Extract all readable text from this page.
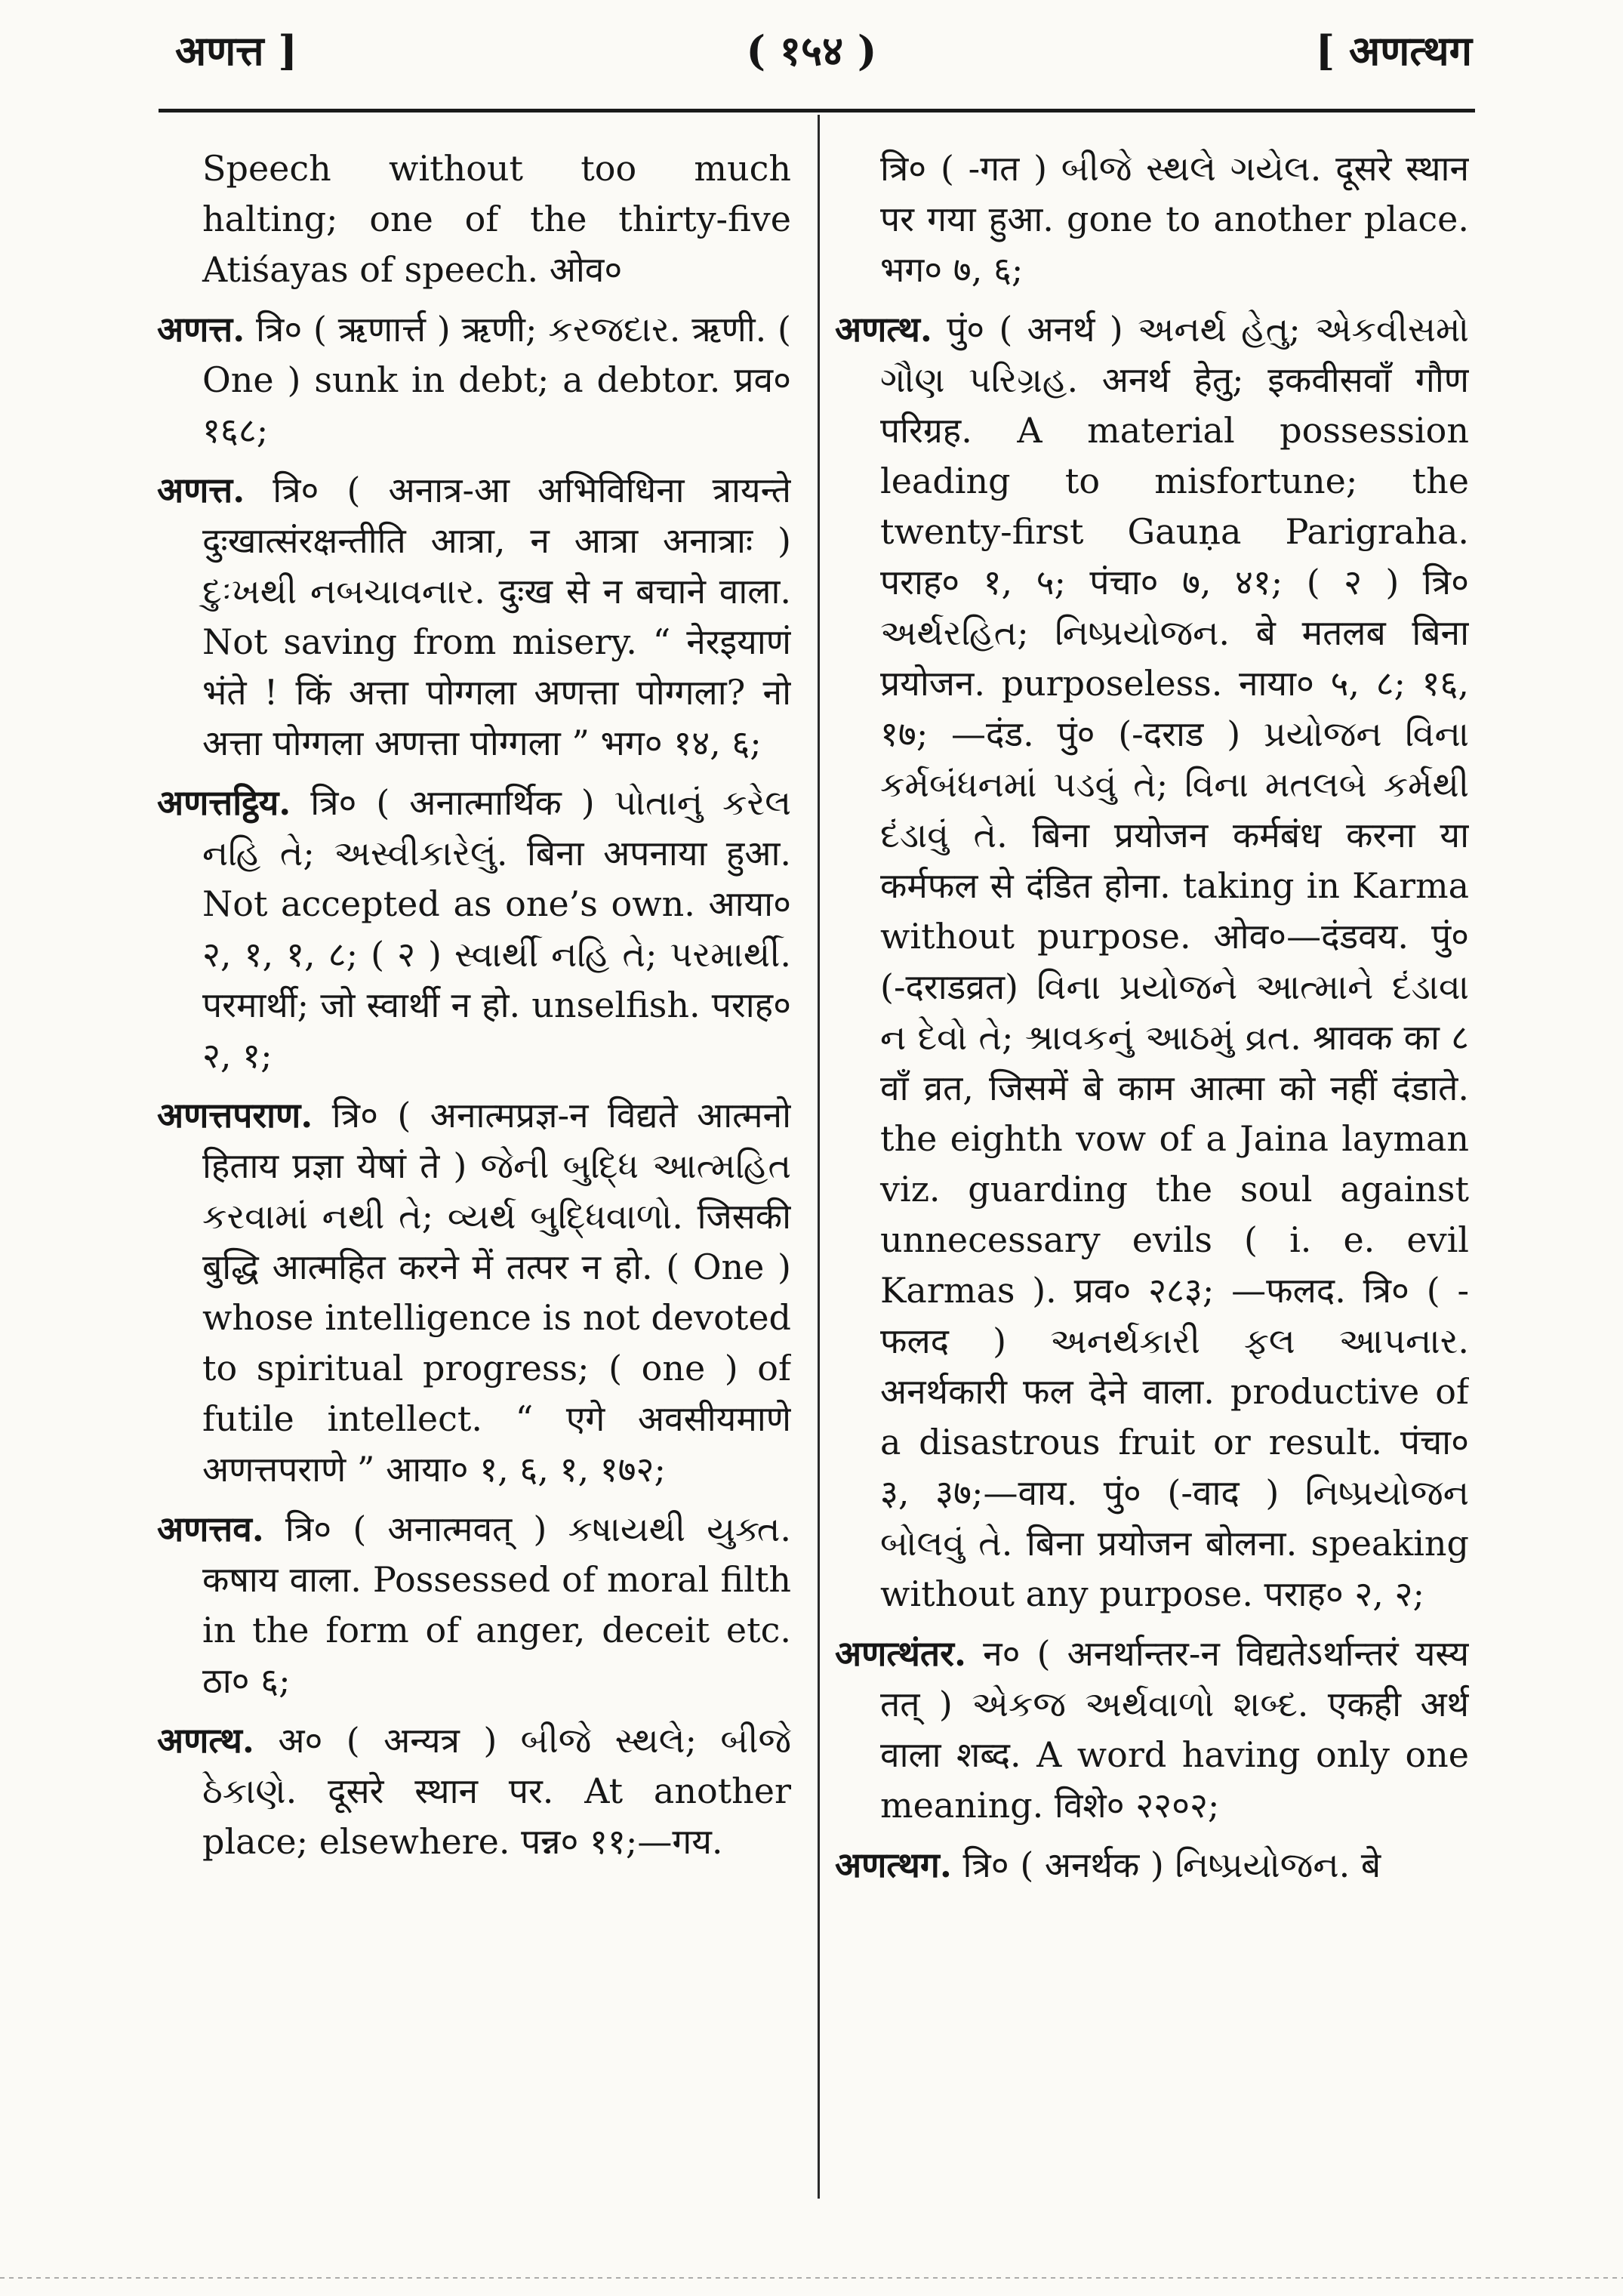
अणत्त ]	( १५४ )	[ अणत्थग

Speech without too much halting; one of the thirty-five Atiśayas of speech. ओव०

अणत्त. त्रि० ( ऋणार्त्त ) ऋणी; કરજદાર. ऋणी. ( One ) sunk in debt; a debtor. प्रव० १६८;

अणत्त. त्रि० ( अनात्र-आ अभिविधिना त्रायन्ते दुःखात्संरक्षन्तीति आत्रा, न आत्रा अनात्राः ) દુઃખથી નબચાવનાર. दुःख से न बचाने वाला. Not saving from misery. “ नेरइयाणं भंते ! किं अत्ता पोग्गला अणत्ता पोग्गला? नो अत्ता पोग्गला अणत्ता पोग्गला ” भग० १४, ६;

अणत्तट्ठिय. त्रि० ( अनात्मार्थिक ) પોતાનું કરેલ નહિ તે; અસ્વીકારેલું. बिना अपनाया हुआ. Not accepted as one’s own. आया० २, १, १, ८; ( २ ) સ્વાર્થી નહિ તે; પરમાર્થી. परमार्थी; जो स्वार्थी न हो. unselfish. पराह० २, १;

अणत्तपराण. त्रि० ( अनात्मप्रज्ञ-न विद्यते आत्मनो हिताय प्रज्ञा येषां ते ) જેની બુદ્ધિ આત્મહિત કરવામાં નથી તે; વ્યર્થ બુદ્ધિવાળો. जिसकी बुद्धि आत्महित करने में तत्पर न हो. ( One ) whose intelligence is not devoted to spiritual progress; ( one ) of futile intellect. “ एगे अवसीयमाणे अणत्तपराणे ” आया० १, ६, १, १७२;

अणत्तव. त्रि० ( अनात्मवत् ) કષાયથી યુક્ત. कषाय वाला. Possessed of moral filth in the form of anger, deceit etc. ठा० ६;

अणत्थ. अ० ( अन्यत्र ) બીજે સ્થલે; બીજે ઠેકાણે. दूसरे स्थान पर. At another place; elsewhere. पन्न० ११;—गय.

त्रि० ( -गत ) બીજે સ્થલે ગયેલ. दूसरे स्थान पर गया हुआ. gone to another place. भग० ७, ६;

अणत्थ. पुं० ( अनर्थ ) અનર્થ હેતુ; એકવીસમો ગૌણ પરિગ્રહ. अनर्थ हेतु; इकवीसवाँ गौण परिग्रह. A material possession leading to misfortune; the twenty-first Gauṇa Parigraha. पराह० १, ५; पंचा० ७, ४१; ( २ ) त्रि० અર્થરહિત; નિષ્પ્રયોજન. बे मतलब बिना प्रयोजन. purposeless. नाया० ५, ८; १६, १७; —दंड. पुं० (-दराड ) પ્રયોજન વિના કર્મબંધનમાં પડવું તે; વિના મતલબે કર્મથી દંડાવું તે. बिना प्रयोजन कर्मबंध करना या कर्मफल से दंडित होना. taking in Karma without purpose. ओव०—दंडवय. पुं० (-दराडव्रत) વિના પ્રયોજને આત્માને દંડાવા ન દેવો તે; શ્રાવકનું આઠમું વ્રત. श्रावक का ८ वाँ व्रत, जिसमें बे काम आत्मा को नहीं दंडाते. the eighth vow of a Jaina layman viz. guarding the soul against unnecessary evils ( i. e. evil Karmas ). प्रव० २८३; —फलद. त्रि० ( -फलद ) અનર્થકારી ફલ આપનાર. अनर्थकारी फल देने वाला. productive of a disastrous fruit or result. पंचा० ३, ३७;—वाय. पुं० (-वाद ) નિષ્પ્રયોજન બોલવું તે. बिना प्रयोजन बोलना. speaking without any purpose. पराह० २, २;

अणत्थंतर. न० ( अनर्थान्तर-न विद्यतेऽर्थान्तरं यस्य तत् ) એકજ અર્થવાળો શબ્દ. एकही अर्थ वाला शब्द. A word having only one meaning. विशे० २२०२;

अणत्थग. त्रि० ( अनर्थक ) નિષ્પ્રયોજન. बे
